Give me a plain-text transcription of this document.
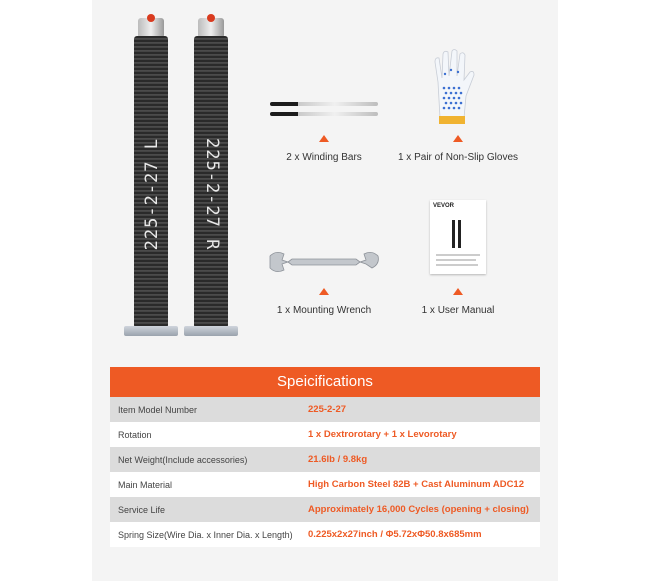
225-2-27 L 225-2-27 R	2 x Winding Bars	1 x Pair of Non-Slip Gloves
1 x Mounting Wrench
VEVOR
1 x User Manual
Speicifications
Item Model Number	225-2-27
Rotation	1 x Dextrorotary + 1 x Levorotary
Net Weight(Include accessories)	21.6lb / 9.8kg
Main Material	High Carbon Steel 82B + Cast Aluminum ADC12
Service Life	Approximately 16,000 Cycles (opening + closing)
Spring Size(Wire Dia. x Inner Dia. x Length)	0.225x2x27inch / Φ5.72xΦ50.8x685mm
